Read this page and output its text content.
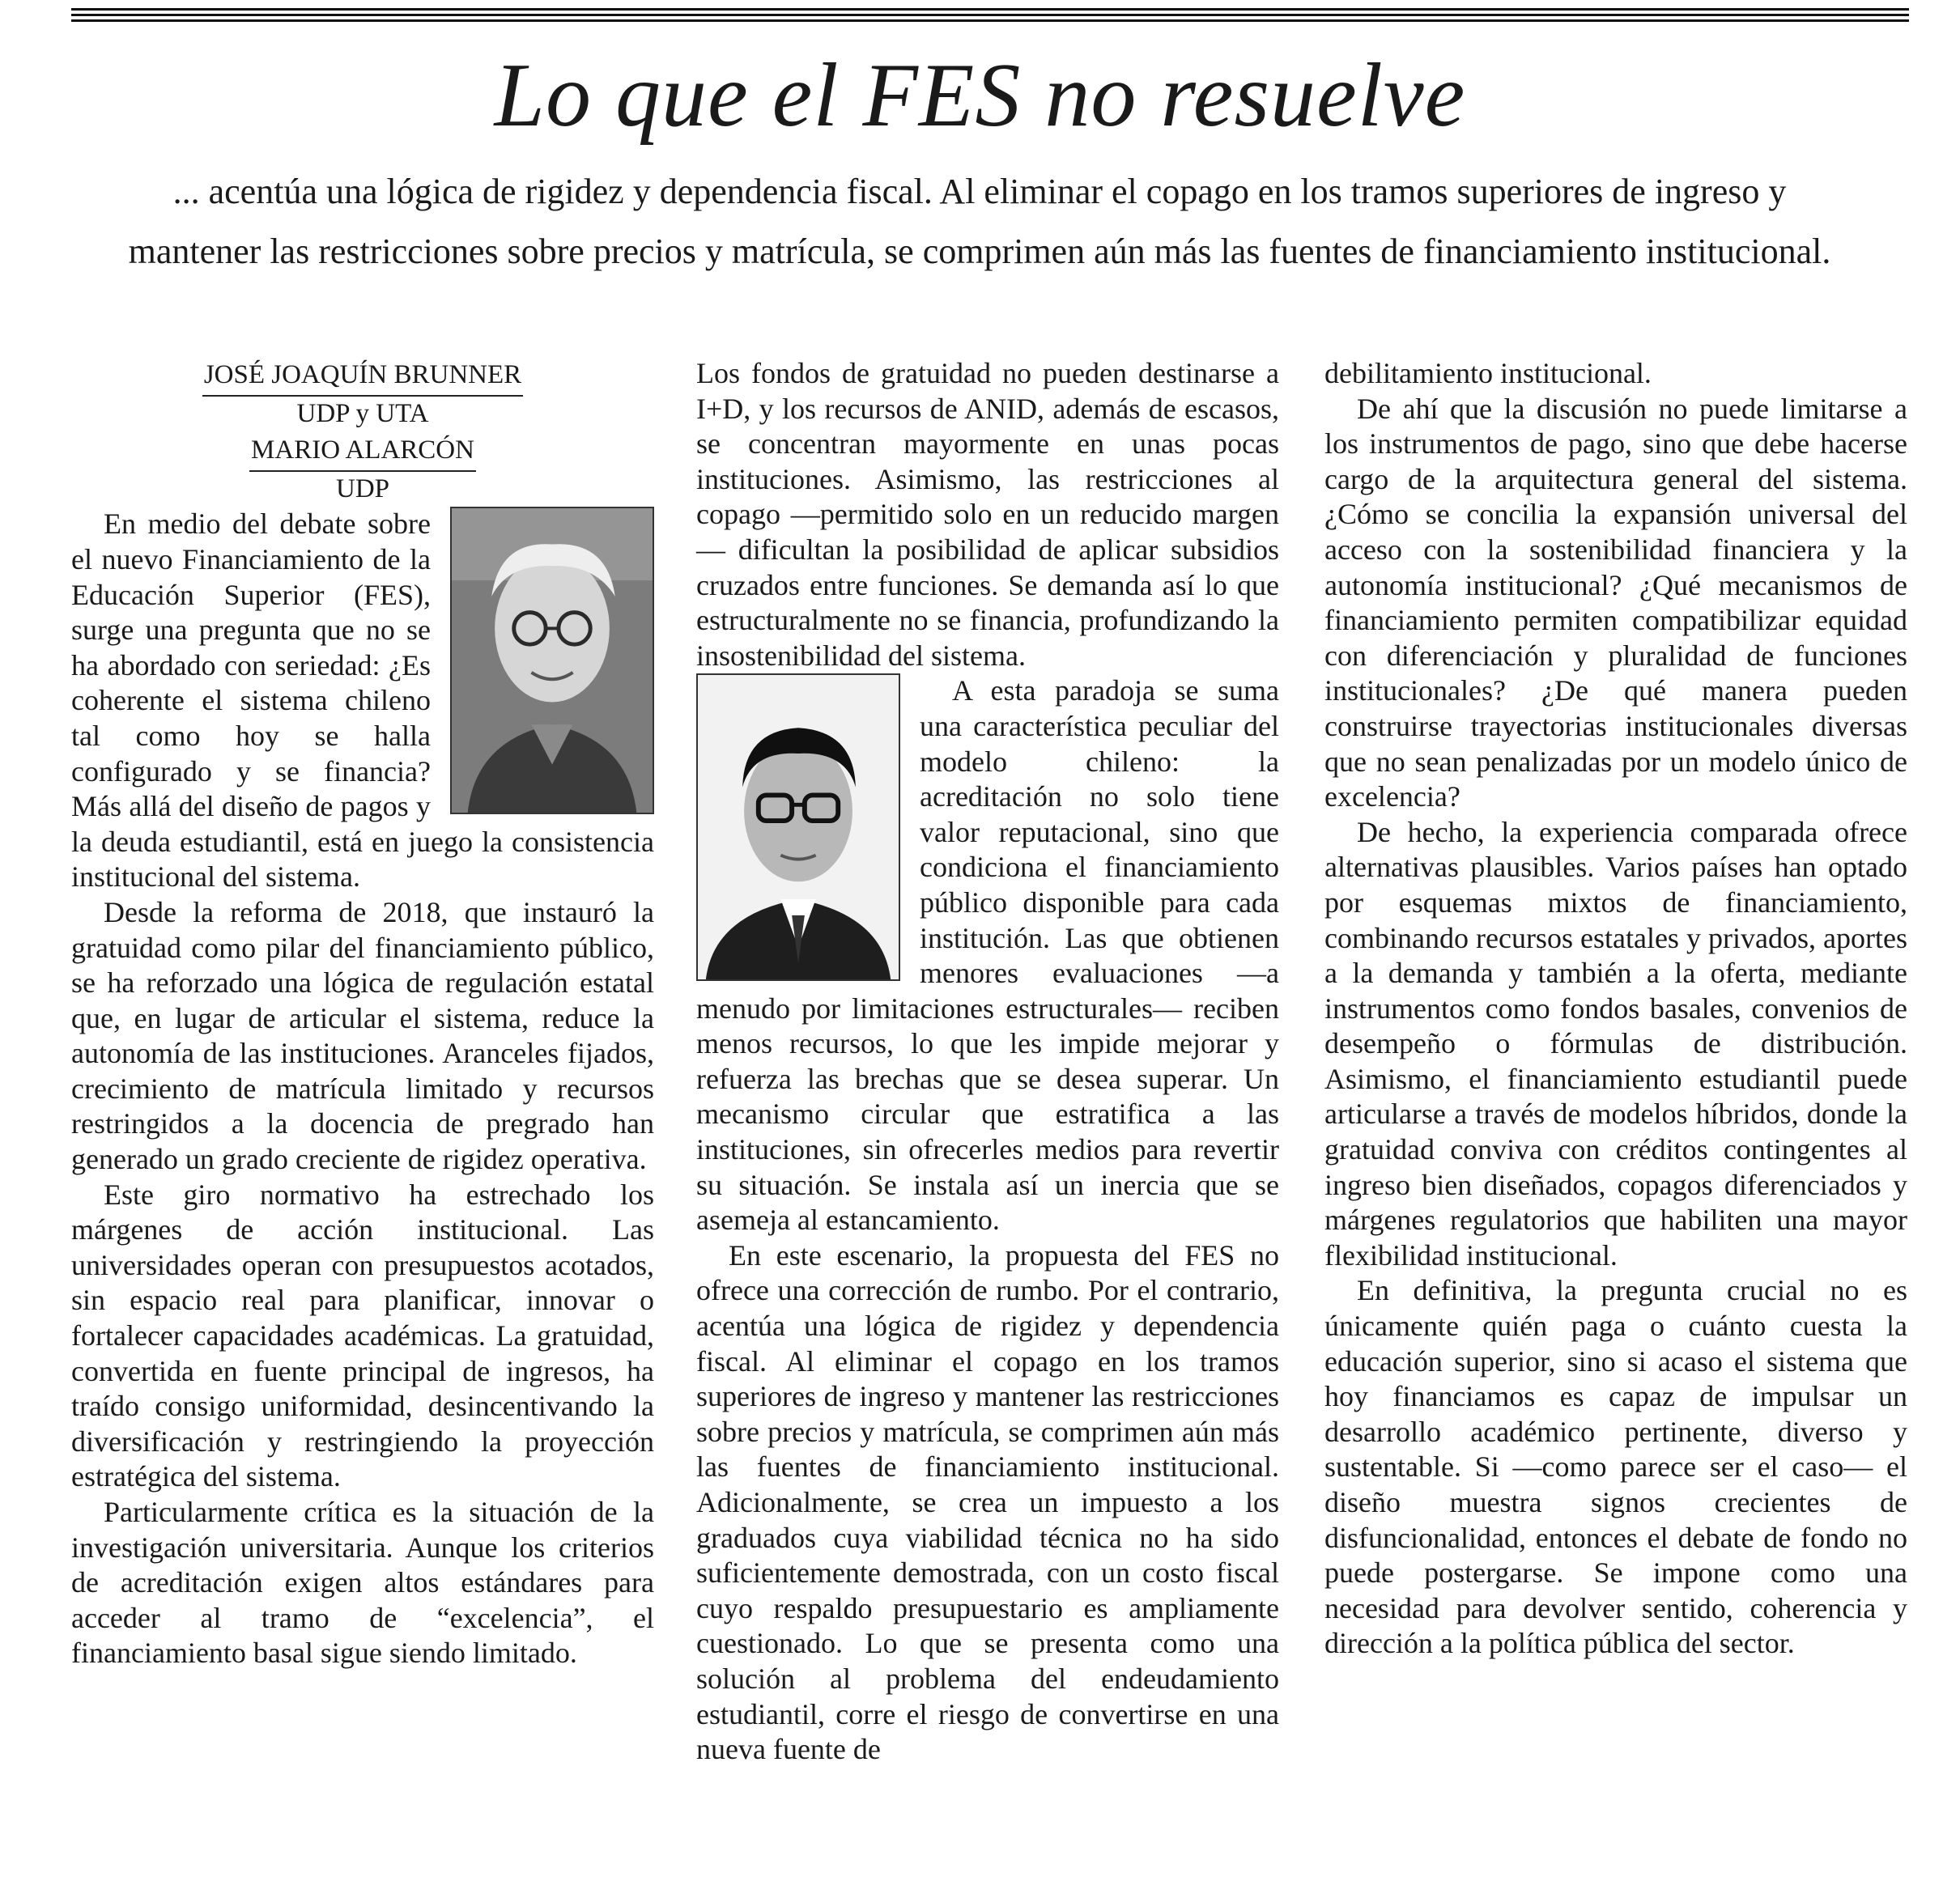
Lo que el FES no resuelve

... acentúa una lógica de rigidez y dependencia fiscal. Al eliminar el copago en los tramos superiores de ingreso y mantener las restricciones sobre precios y matrícula, se comprimen aún más las fuentes de financiamiento institucional.

JOSÉ JOAQUÍN BRUNNER

UDP y UTA

MARIO ALARCÓN

UDP

En medio del debate sobre el nuevo Financiamiento de la Educación Superior (FES), surge una pregunta que no se ha abordado con seriedad: ¿Es coherente el sistema chileno tal como hoy se halla configurado y se financia? Más allá del diseño de pagos y la deuda estudiantil, está en juego la consistencia institucional del sistema.

Desde la reforma de 2018, que instauró la gratuidad como pilar del financiamiento público, se ha reforzado una lógica de regulación estatal que, en lugar de articular el sistema, reduce la autonomía de las instituciones. Aranceles fijados, crecimiento de matrícula limitado y recursos restringidos a la docencia de pregrado han generado un grado creciente de rigidez operativa.

Este giro normativo ha estrechado los márgenes de acción institucional. Las universidades operan con presupuestos acotados, sin espacio real para planificar, innovar o fortalecer capacidades académicas. La gratuidad, convertida en fuente principal de ingresos, ha traído consigo uniformidad, desincentivando la diversificación y restringiendo la proyección estratégica del sistema.

Particularmente crítica es la situación de la investigación universitaria. Aunque los criterios de acreditación exigen altos estándares para acceder al tramo de “excelencia”, el financiamiento basal sigue siendo limitado.

Los fondos de gratuidad no pueden destinarse a I+D, y los recursos de ANID, además de escasos, se concentran mayormente en unas pocas instituciones. Asimismo, las restricciones al copago —permitido solo en un reducido margen— dificultan la posibilidad de aplicar subsidios cruzados entre funciones. Se demanda así lo que estructuralmente no se financia, profundizando la insostenibilidad del sistema.

A esta paradoja se suma una característica peculiar del modelo chileno: la acreditación no solo tiene valor reputacional, sino que condiciona el financiamiento público disponible para cada institución. Las que obtienen menores evaluaciones —a menudo por limitaciones estructurales— reciben menos recursos, lo que les impide mejorar y refuerza las brechas que se desea superar. Un mecanismo circular que estratifica a las instituciones, sin ofrecerles medios para revertir su situación. Se instala así un inercia que se asemeja al estancamiento.

En este escenario, la propuesta del FES no ofrece una corrección de rumbo. Por el contrario, acentúa una lógica de rigidez y dependencia fiscal. Al eliminar el copago en los tramos superiores de ingreso y mantener las restricciones sobre precios y matrícula, se comprimen aún más las fuentes de financiamiento institucional. Adicionalmente, se crea un impuesto a los graduados cuya viabilidad técnica no ha sido suficientemente demostrada, con un costo fiscal cuyo respaldo presupuestario es ampliamente cuestionado. Lo que se presenta como una solución al problema del endeudamiento estudiantil, corre el riesgo de convertirse en una nueva fuente de

debilitamiento institucional.

De ahí que la discusión no puede limitarse a los instrumentos de pago, sino que debe hacerse cargo de la arquitectura general del sistema. ¿Cómo se concilia la expansión universal del acceso con la sostenibilidad financiera y la autonomía institucional? ¿Qué mecanismos de financiamiento permiten compatibilizar equidad con diferenciación y pluralidad de funciones institucionales? ¿De qué manera pueden construirse trayectorias institucionales diversas que no sean penalizadas por un modelo único de excelencia?

De hecho, la experiencia comparada ofrece alternativas plausibles. Varios países han optado por esquemas mixtos de financiamiento, combinando recursos estatales y privados, aportes a la demanda y también a la oferta, mediante instrumentos como fondos basales, convenios de desempeño o fórmulas de distribución. Asimismo, el financiamiento estudiantil puede articularse a través de modelos híbridos, donde la gratuidad conviva con créditos contingentes al ingreso bien diseñados, copagos diferenciados y márgenes regulatorios que habiliten una mayor flexibilidad institucional.

En definitiva, la pregunta crucial no es únicamente quién paga o cuánto cuesta la educación superior, sino si acaso el sistema que hoy financiamos es capaz de impulsar un desarrollo académico pertinente, diverso y sustentable. Si —como parece ser el caso— el diseño muestra signos crecientes de disfuncionalidad, entonces el debate de fondo no puede postergarse. Se impone como una necesidad para devolver sentido, coherencia y dirección a la política pública del sector.
